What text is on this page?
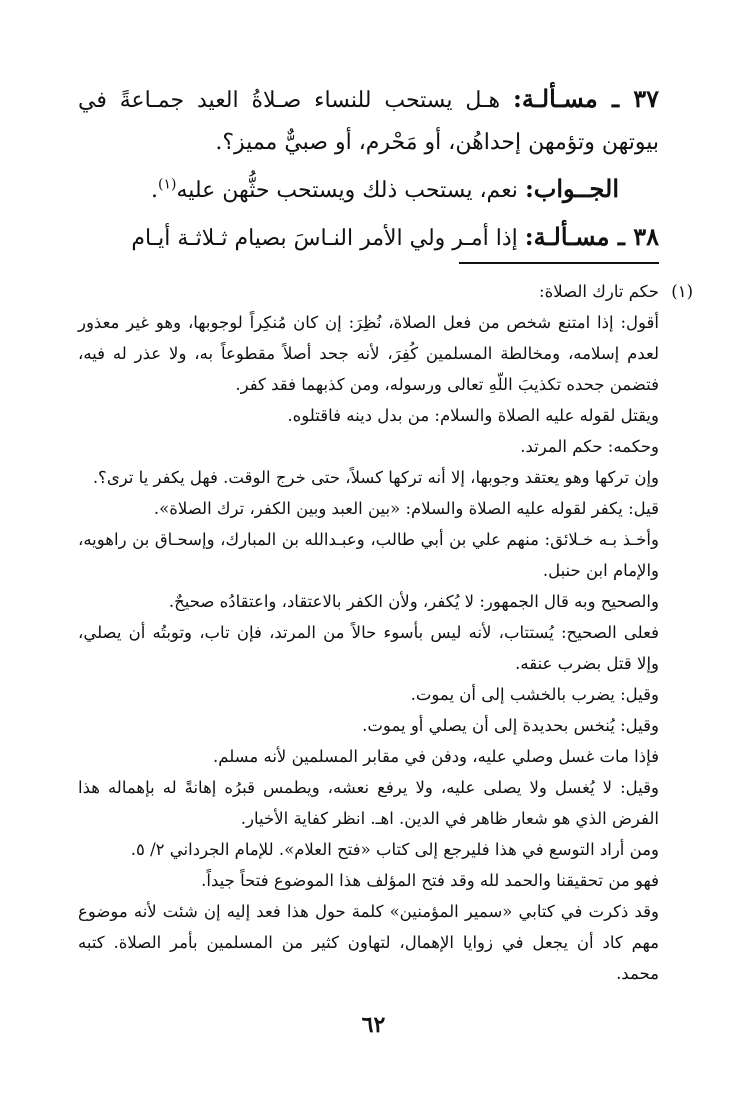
٣٧ ـ مسـألـة: هـل يستحب للنساء صـلاةُ العيد جمـاعةً في بيوتهن وتؤمهن إحداهُن، أو مَحْرم، أو صبيٌّ مميز؟.

الجــواب: نعم، يستحب ذلك ويستحب حثُّهن عليه$^{(١)}$.

٣٨ ـ مسـألـة: إذا أمـر ولي الأمر النـاسَ بصيام ثـلاثـة أيـام

(١)

حكم تارك الصلاة:

أقول: إذا امتنع شخص من فعل الصلاة، نُظِرَ: إن كان مُنكِراً لوجوبها، وهو غير معذور لعدم إسلامه، ومخالطة المسلمين كُفِرَ، لأنه جحد أصلاً مقطوعاً به، ولا عذر له فيه، فتضمن جحده تكذيبَ اللّهِ تعالى ورسوله، ومن كذبهما فقد كفر.

ويقتل لقوله عليه الصلاة والسلام: من بدل دينه فاقتلوه.

وحكمه: حكم المرتد.

وإن تركها وهو يعتقد وجوبها، إلا أنه تركها كسلاً، حتى خرج الوقت. فهل يكفر يا ترى؟.

قيل: يكفر لقوله عليه الصلاة والسلام: «بين العبد وبين الكفر، ترك الصلاة».

وأخـذ بـه خـلائق: منهم علي بن أبي طالب، وعبـدالله بن المبارك، وإسحـاق بن راهويه، والإمام ابن حنبل.

والصحيح وبه قال الجمهور: لا يُكفر، ولأن الكفر بالاعتقاد، واعتقادُه صحيحٌ.

فعلى الصحيح: يُستتاب، لأنه ليس بأسوء حالاً من المرتد، فإن تاب، وتوبتُه أن يصلي، وإلا قتل بضرب عنقه.

وقيل: يضرب بالخشب إلى أن يموت.

وقيل: يُنخس بحديدة إلى أن يصلي أو يموت.

فإذا مات غسل وصلي عليه، ودفن في مقابر المسلمين لأنه مسلم.

وقيل: لا يُغسل ولا يصلى عليه، ولا يرفع نعشه، ويطمس قبرُه إهانةً له بإهماله هذا الفرض الذي هو شعار ظاهر في الدين. اهـ. انظر كفاية الأخيار.

ومن أراد التوسع في هذا فليرجع إلى كتاب «فتح العلام». للإمام الجرداني ٢/ ٥.

فهو من تحقيقنا والحمد لله وقد فتح المؤلف هذا الموضوع فتحاً جيداً.

وقد ذكرت في كتابي «سمير المؤمنين» كلمة حول هذا فعد إليه إن شئت لأنه موضوع مهم كاد أن يجعل في زوايا الإهمال، لتهاون كثير من المسلمين بأمر الصلاة. كتبه محمد.

٦٢
